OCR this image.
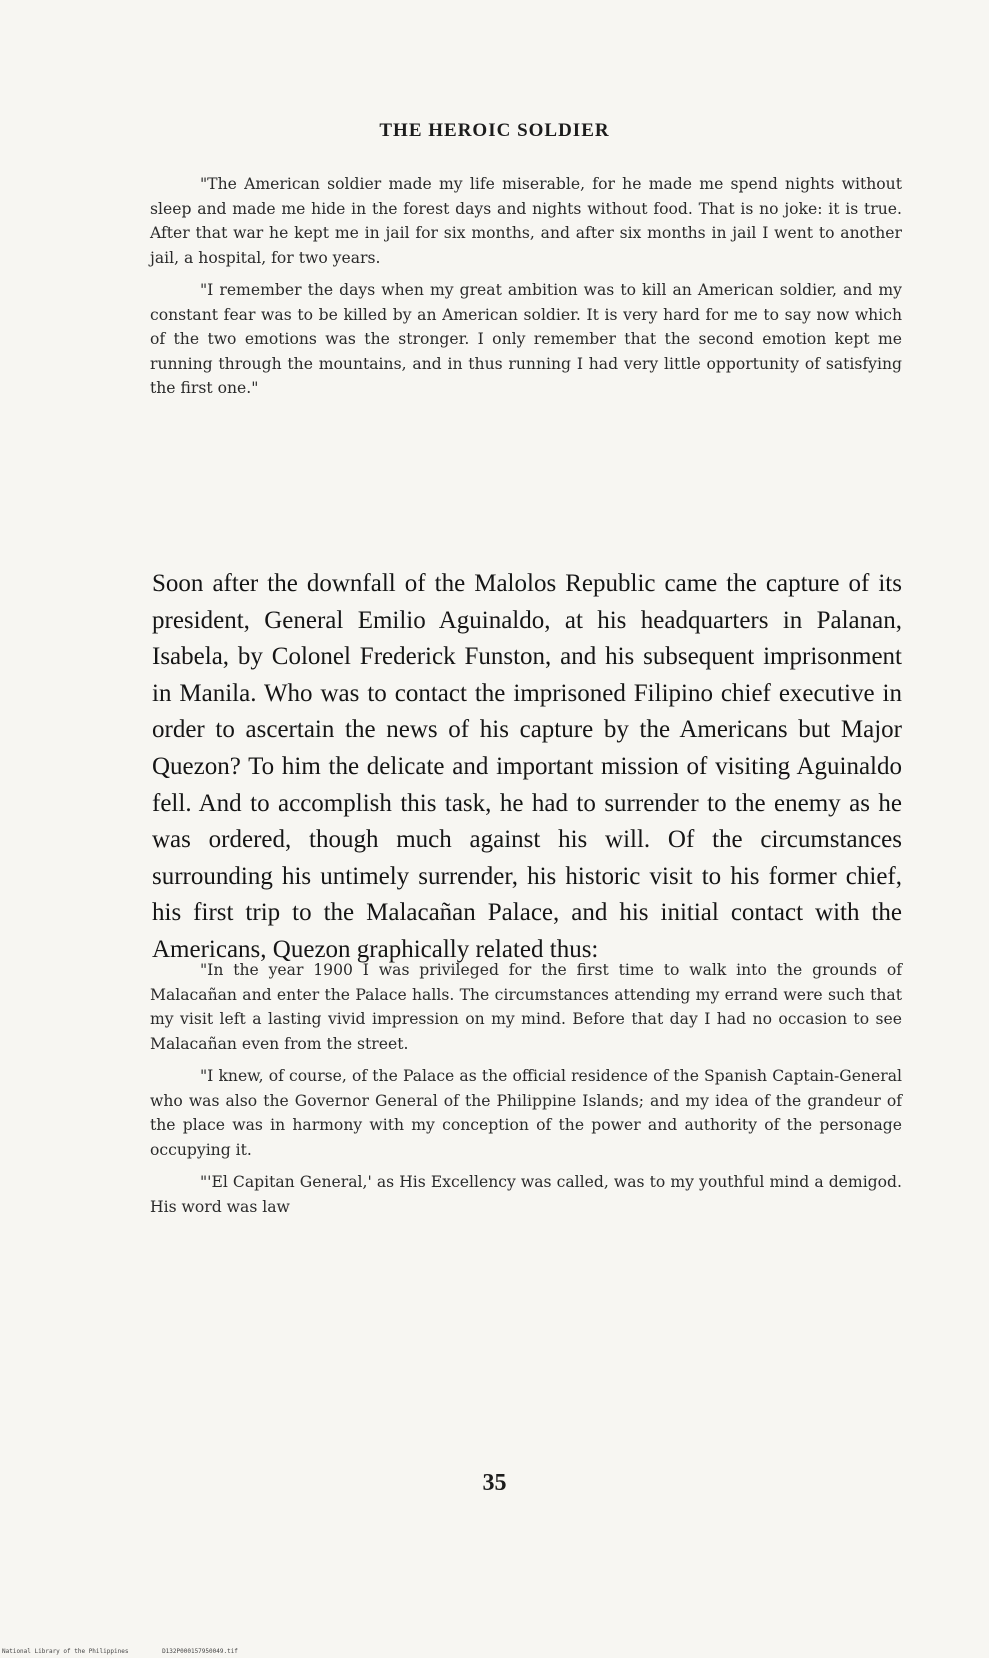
THE HEROIC SOLDIER

"The American soldier made my life miserable, for he made me spend nights without sleep and made me hide in the forest days and nights without food. That is no joke: it is true. After that war he kept me in jail for six months, and after six months in jail I went to another jail, a hospital, for two years.

"I remember the days when my great ambition was to kill an American soldier, and my constant fear was to be killed by an American soldier. It is very hard for me to say now which of the two emotions was the stronger. I only remember that the second emotion kept me running through the mountains, and in thus running I had very little opportunity of satisfying the first one."

Soon after the downfall of the Malolos Republic came the capture of its president, General Emilio Aguinaldo, at his headquarters in Palanan, Isabela, by Colonel Frederick Funston, and his subsequent imprisonment in Manila. Who was to contact the imprisoned Filipino chief executive in order to ascertain the news of his capture by the Americans but Major Quezon? To him the delicate and important mission of visiting Aguinaldo fell. And to accomplish this task, he had to surrender to the enemy as he was ordered, though much against his will. Of the circumstances surrounding his untimely surrender, his historic visit to his former chief, his first trip to the Malacañan Palace, and his initial contact with the Americans, Quezon graphically related thus:

"In the year 1900 I was privileged for the first time to walk into the grounds of Malacañan and enter the Palace halls. The circumstances attending my errand were such that my visit left a lasting vivid impression on my mind. Before that day I had no occasion to see Malacañan even from the street.

"I knew, of course, of the Palace as the official residence of the Spanish Captain-General who was also the Governor General of the Philippine Islands; and my idea of the grandeur of the place was in harmony with my conception of the power and authority of the personage occupying it.

"'El Capitan General,' as His Excellency was called, was to my youthful mind a demigod. His word was law

35
National Library of the Philippines	D132P000157950049.tif
